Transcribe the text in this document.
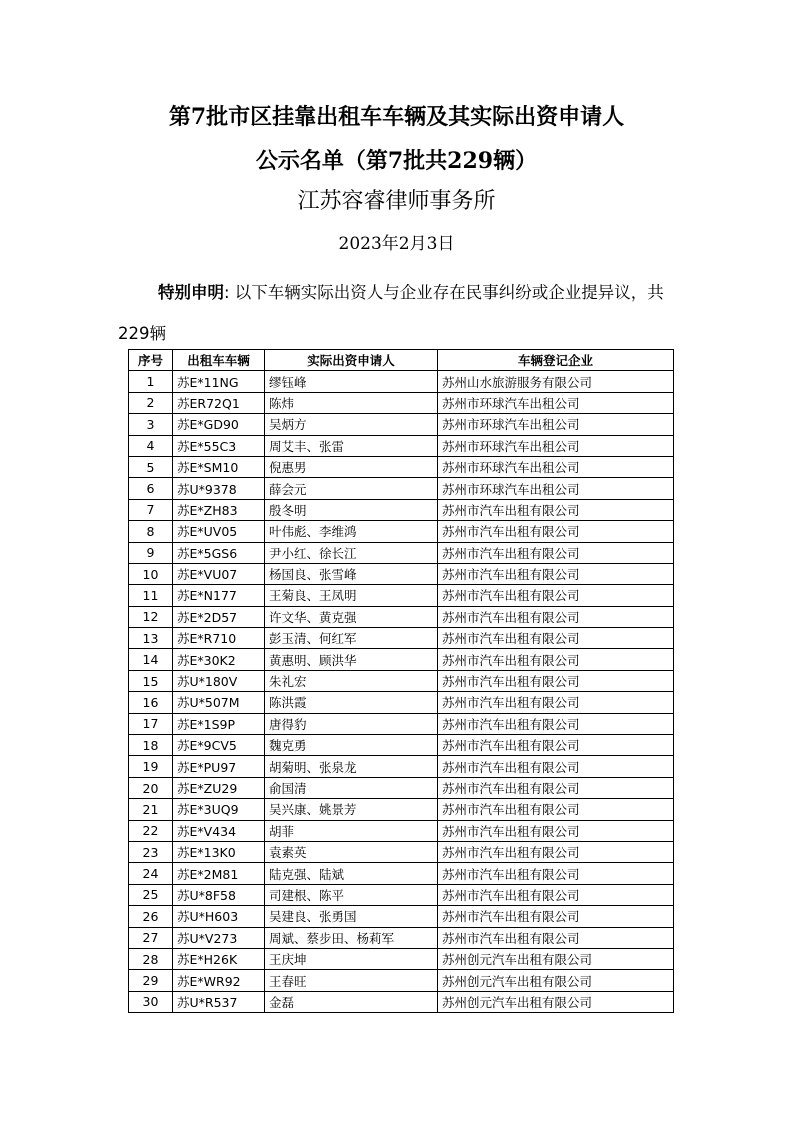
第7批市区挂靠出租车车辆及其实际出资申请人
公示名单（第7批共229辆）
江苏容睿律师事务所
2023年2月3日
特别申明: 以下车辆实际出资人与企业存在民事纠纷或企业提异议，共229辆
序号	出租车车辆	实际出资申请人	车辆登记企业
1	苏E*11NG	缪钰峰	苏州山水旅游服务有限公司
2	苏ER72Q1	陈炜	苏州市环球汽车出租公司
3	苏E*GD90	吴炳方	苏州市环球汽车出租公司
4	苏E*55C3	周艾丰、张雷	苏州市环球汽车出租公司
5	苏E*SM10	倪惠男	苏州市环球汽车出租公司
6	苏U*9378	薛会元	苏州市环球汽车出租公司
7	苏E*ZH83	殷冬明	苏州市汽车出租有限公司
8	苏E*UV05	叶伟彪、李维鸿	苏州市汽车出租有限公司
9	苏E*5GS6	尹小红、徐长江	苏州市汽车出租有限公司
10	苏E*VU07	杨国良、张雪峰	苏州市汽车出租有限公司
11	苏E*N177	王菊良、王凤明	苏州市汽车出租有限公司
12	苏E*2D57	许文华、黄克强	苏州市汽车出租有限公司
13	苏E*R710	彭玉清、何红军	苏州市汽车出租有限公司
14	苏E*30K2	黄惠明、顾洪华	苏州市汽车出租有限公司
15	苏U*180V	朱礼宏	苏州市汽车出租有限公司
16	苏U*507M	陈洪霞	苏州市汽车出租有限公司
17	苏E*1S9P	唐得豹	苏州市汽车出租有限公司
18	苏E*9CV5	魏克勇	苏州市汽车出租有限公司
19	苏E*PU97	胡菊明、张泉龙	苏州市汽车出租有限公司
20	苏E*ZU29	俞国清	苏州市汽车出租有限公司
21	苏E*3UQ9	吴兴康、姚景芳	苏州市汽车出租有限公司
22	苏E*V434	胡菲	苏州市汽车出租有限公司
23	苏E*13K0	袁素英	苏州市汽车出租有限公司
24	苏E*2M81	陆克强、陆斌	苏州市汽车出租有限公司
25	苏U*8F58	司建根、陈平	苏州市汽车出租有限公司
26	苏U*H603	吴建良、张勇国	苏州市汽车出租有限公司
27	苏U*V273	周斌、蔡步田、杨莉军	苏州市汽车出租有限公司
28	苏E*H26K	王庆坤	苏州创元汽车出租有限公司
29	苏E*WR92	王春旺	苏州创元汽车出租有限公司
30	苏U*R537	金磊	苏州创元汽车出租有限公司
